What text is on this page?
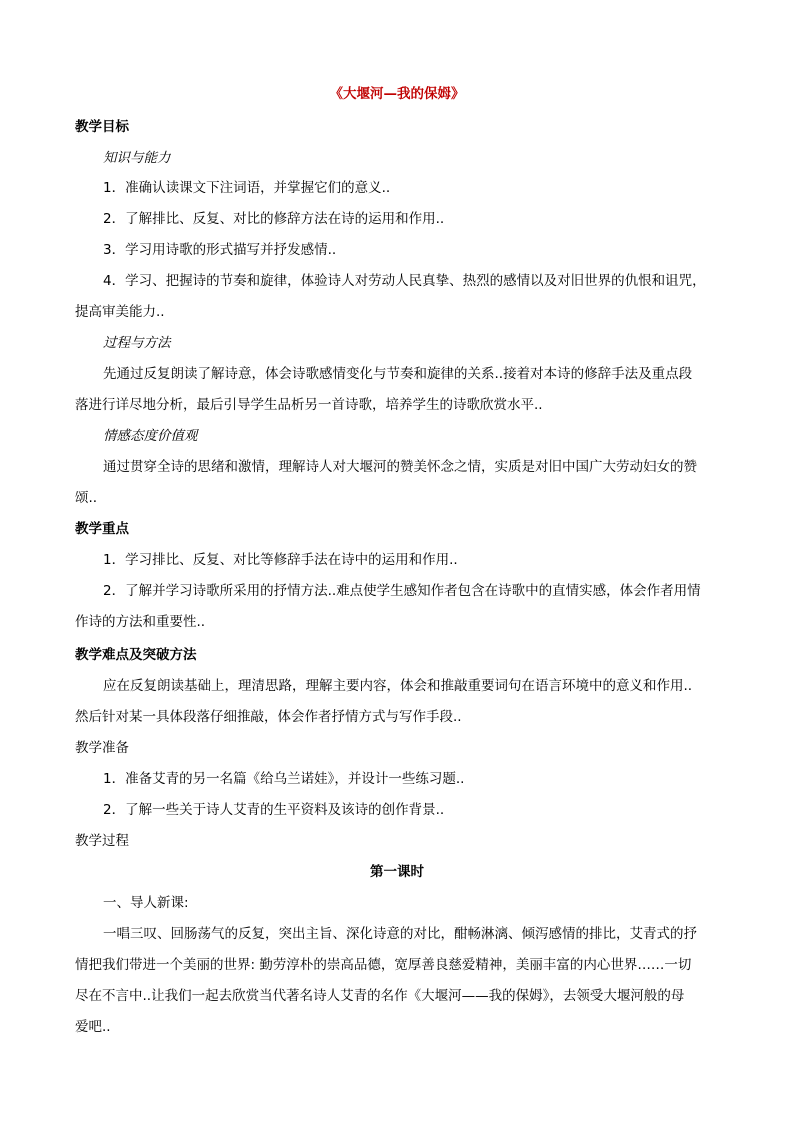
《大堰河—我的保姆》
教学目标
知识与能力
1．准确认读课文下注词语，并掌握它们的意义..
2．了解排比、反复、对比的修辞方法在诗的运用和作用..
3．学习用诗歌的形式描写并抒发感情..
4．学习、把握诗的节奏和旋律，体验诗人对劳动人民真挚、热烈的感情以及对旧世界的仇恨和诅咒，
提高审美能力..
过程与方法
先通过反复朗读了解诗意，体会诗歌感情变化与节奏和旋律的关系..接着对本诗的修辞手法及重点段
落进行详尽地分析，最后引导学生品析另一首诗歌，培养学生的诗歌欣赏水平..
情感态度价值观
通过贯穿全诗的思绪和激情，理解诗人对大堰河的赞美怀念之情，实质是对旧中国广大劳动妇女的赞
颂..
教学重点
1．学习排比、反复、对比等修辞手法在诗中的运用和作用..
2．了解并学习诗歌所采用的抒情方法..难点使学生感知作者包含在诗歌中的直情实感，体会作者用情
作诗的方法和重要性..
教学难点及突破方法
应在反复朗读基础上，理清思路，理解主要内容，体会和推敲重要词句在语言环境中的意义和作用..
然后针对某一具体段落仔细推敲，体会作者抒情方式与写作手段..
教学准备
1．准备艾青的另一名篇《给乌兰诺娃》，并设计一些练习题..
2．了解一些关于诗人艾青的生平资料及该诗的创作背景..
教学过程
第一课时
一、导人新课:
一唱三叹、回肠荡气的反复，突出主旨、深化诗意的对比，酣畅淋漓、倾泻感情的排比，艾青式的抒
情把我们带进一个美丽的世界: 勤劳淳朴的崇高品德，宽厚善良慈爱精神，美丽丰富的内心世界……一切
尽在不言中..让我们一起去欣赏当代著名诗人艾青的名作《大堰河——我的保姆》，去领受大堰河般的母
爱吧..
